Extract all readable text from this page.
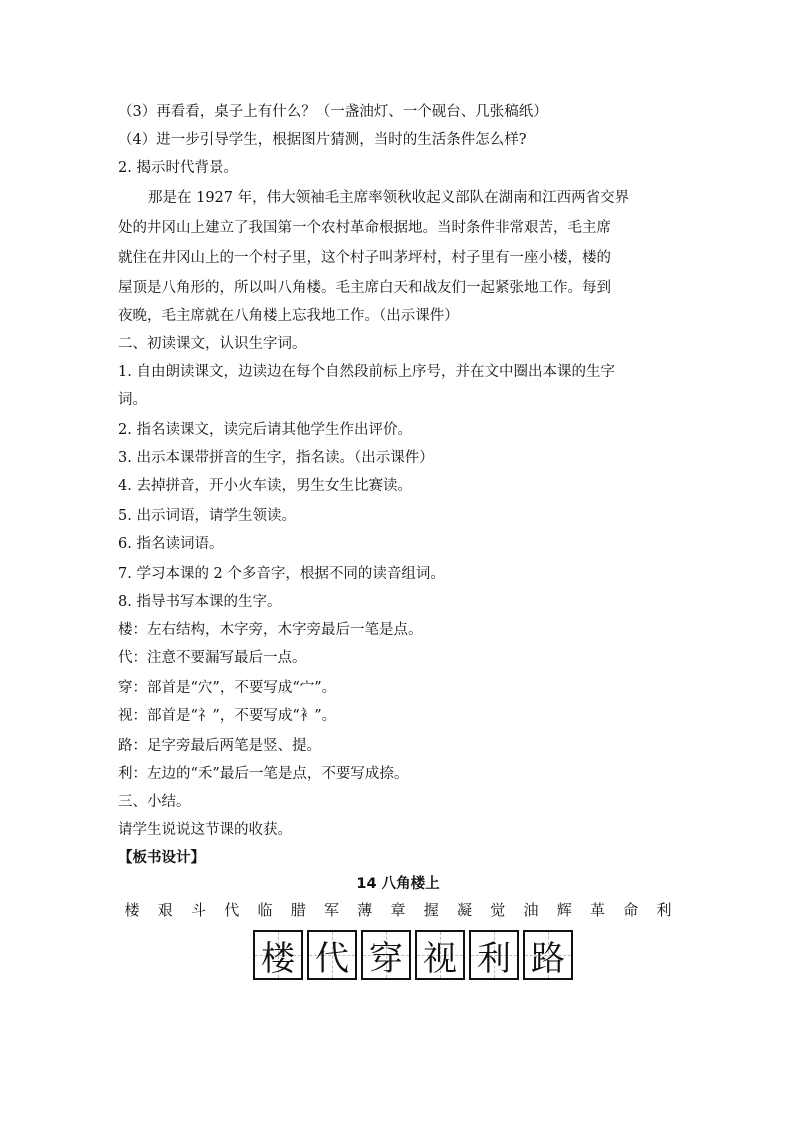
（3）再看看，桌子上有什么？（一盏油灯、一个砚台、几张稿纸）
（4）进一步引导学生，根据图片猜测，当时的生活条件怎么样?
2. 揭示时代背景。
那是在 1927 年，伟大领袖毛主席率领秋收起义部队在湖南和江西两省交界
处的井冈山上建立了我国第一个农村革命根据地。当时条件非常艰苦，毛主席
就住在井冈山上的一个村子里，这个村子叫茅坪村，村子里有一座小楼，楼的
屋顶是八角形的，所以叫八角楼。毛主席白天和战友们一起紧张地工作。每到
夜晚，毛主席就在八角楼上忘我地工作。（出示课件）
二、初读课文，认识生字词。
1. 自由朗读课文，边读边在每个自然段前标上序号，并在文中圈出本课的生字
词。
2. 指名读课文，读完后请其他学生作出评价。
3. 出示本课带拼音的生字，指名读。（出示课件）
4. 去掉拼音，开小火车读，男生女生比赛读。
5. 出示词语，请学生领读。
6. 指名读词语。
7. 学习本课的 2 个多音字，根据不同的读音组词。
8. 指导书写本课的生字。
楼：左右结构，木字旁，木字旁最后一笔是点。
代：注意不要漏写最后一点。
穿：部首是“穴”，不要写成“宀”。
视：部首是“礻”，不要写成“衤”。
路：足字旁最后两笔是竖、提。
利：左边的“禾”最后一笔是点，不要写成捺。
三、小结。
请学生说说这节课的收获。
【板书设计】
14 八角楼上
楼	艰	斗	代	临	腊	军	薄	章	握	凝	觉	油	辉	革	命	利
楼 代 穿 视 利 路
